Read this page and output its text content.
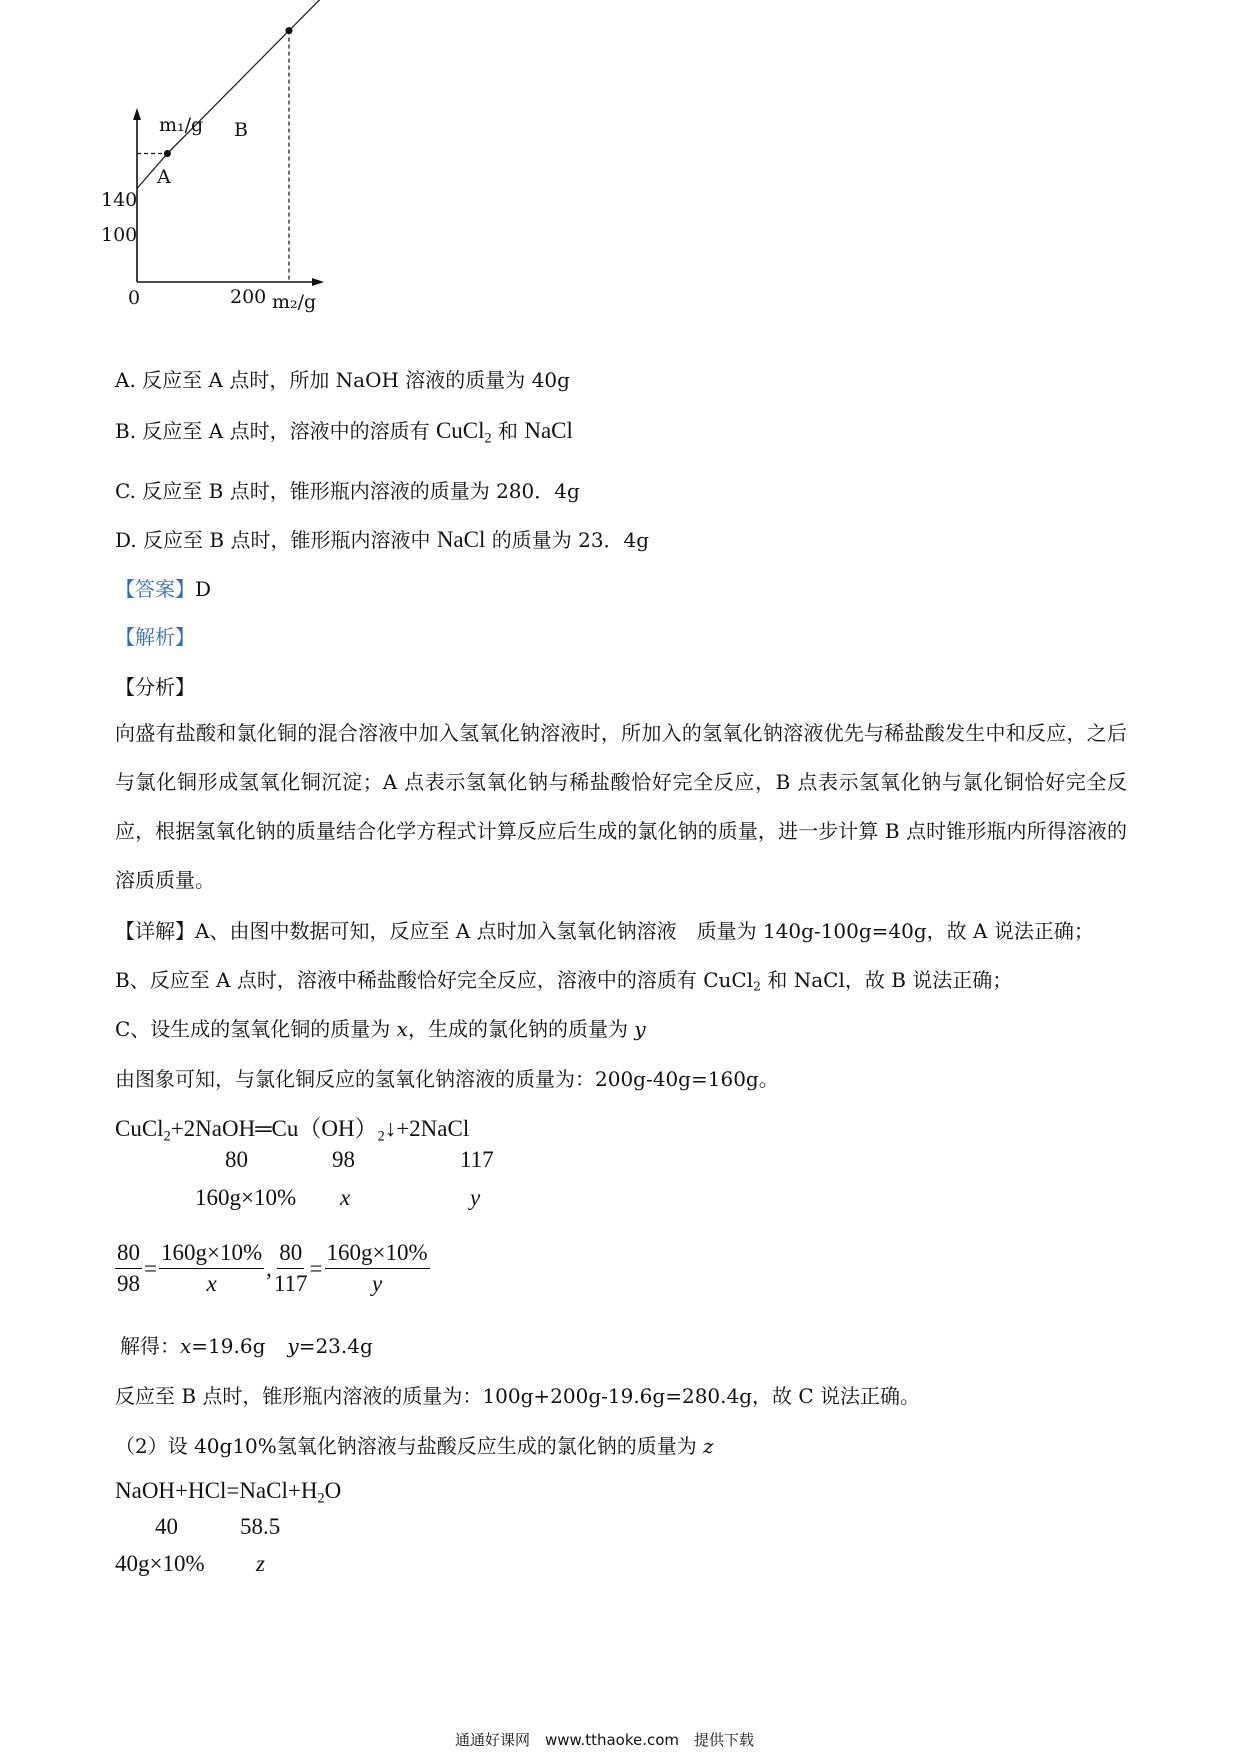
m₁/g
m₂/g
0	200
140
100
A
B
A. 反应至 A 点时，所加 NaOH 溶液的质量为 40g
B. 反应至 A 点时，溶液中的溶质有 CuCl$_2$ 和 NaCl
C. 反应至 B 点时，锥形瓶内溶液的质量为 280．4g
D. 反应至 B 点时，锥形瓶内溶液中 NaCl 的质量为 23．4g
【答案】D
【解析】
【分析】
向盛有盐酸和氯化铜的混合溶液中加入氢氧化钠溶液时，所加入的氢氧化钠溶液优先与稀盐酸发生中和反应，之后与氯化铜形成氢氧化铜沉淀；A 点表示氢氧化钠与稀盐酸恰好完全反应，B 点表示氢氧化钠与氯化铜恰好完全反应，根据氢氧化钠的质量结合化学方程式计算反应后生成的氯化钠的质量，进一步计算 B 点时锥形瓶内所得溶液的溶质质量。
【详解】A、由图中数据可知，反应至 A 点时加入氢氧化钠溶液　质量为 140g-100g=40g，故 A 说法正确；
B、反应至 A 点时，溶液中稀盐酸恰好完全反应，溶液中的溶质有 CuCl$_2$ 和 NaCl，故 B 说法正确；
C、设生成的氢氧化铜的质量为 x，生成的氯化钠的质量为 y
由图象可知，与氯化铜反应的氢氧化钠溶液的质量为：200g-40g=160g。
$CuCl_2+2NaOH═Cu(OH)_2↓+2NaCl$
80	98	117
160g×10% x	y
$\frac{80}{98} = \frac{160g\times 10\%}{x}$ , $\frac{80}{117} = \frac{160g\times 10\%}{y}$
解得：x=19.6g y=23.4g
反应至 B 点时，锥形瓶内溶液的质量为：100g+200g-19.6g=280.4g，故 C 说法正确。
（2）设 40g10%氢氧化钠溶液与盐酸反应生成的氯化钠的质量为 z
$NaOH+HCl=NaCl+H_2O$
40	58.5
40g×10% z
通通好课网　www.tthaoke.com　提供下载
